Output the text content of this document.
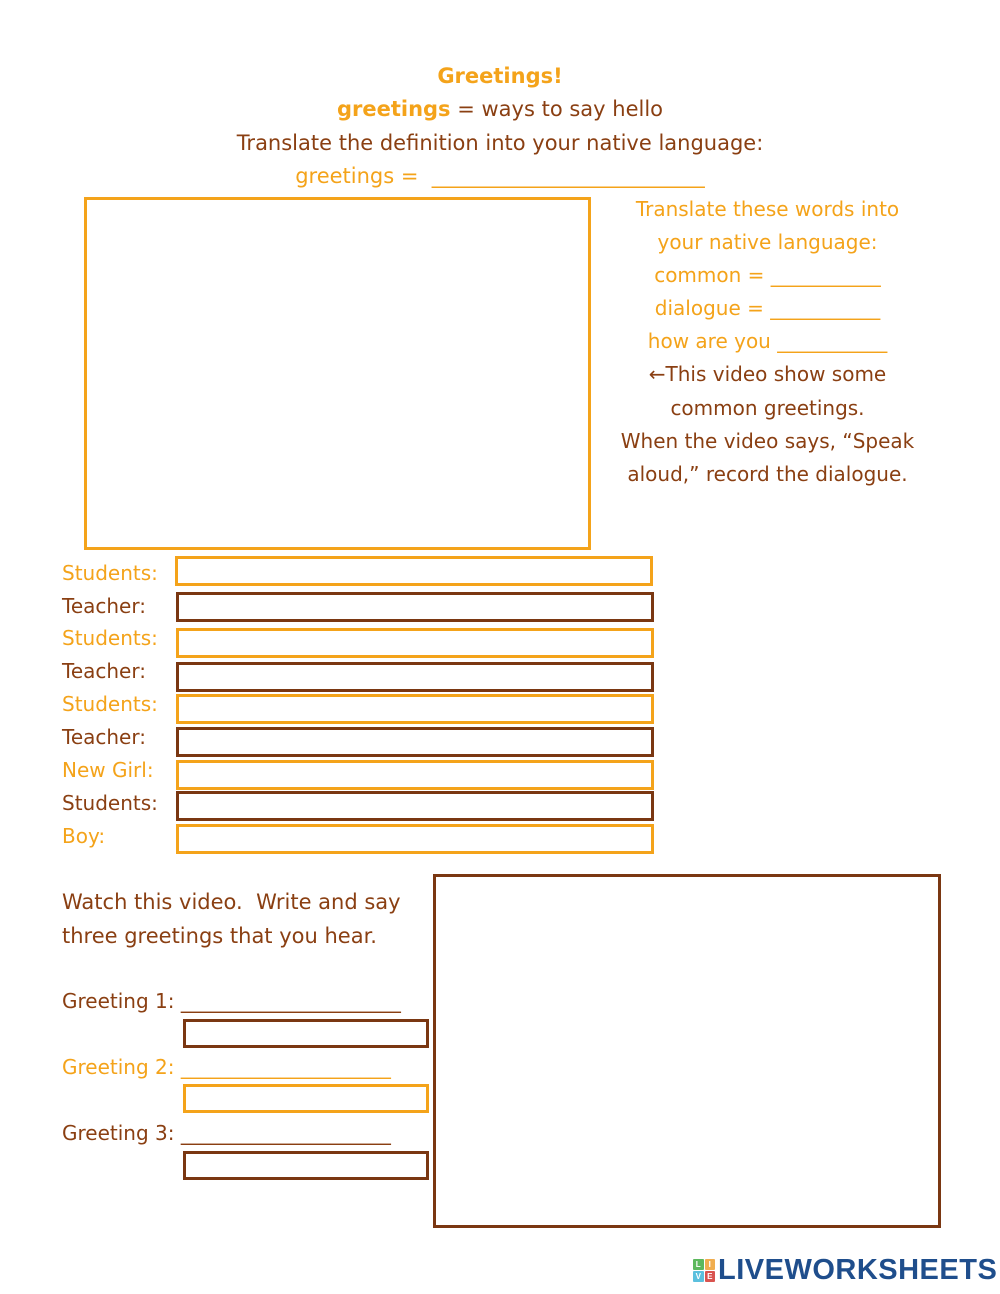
Greetings!
greetings = ways to say hello
Translate the definition into your native language:
greetings =  __________________________
Translate these words into
your native language:
common = ___________
dialogue = ___________
how are you ___________
←This video show some
common greetings.
When the video says, “Speak
aloud,” record the dialogue.
Students:
Teacher:
Students:
Teacher:
Students:
Teacher:
New Girl:
Students:
Boy:
Watch this video.  Write and say
three greetings that you hear.
Greeting 1: ______________________
Greeting 2: _____________________
Greeting 3: _____________________
L I
V E LIVEWORKSHEETS
